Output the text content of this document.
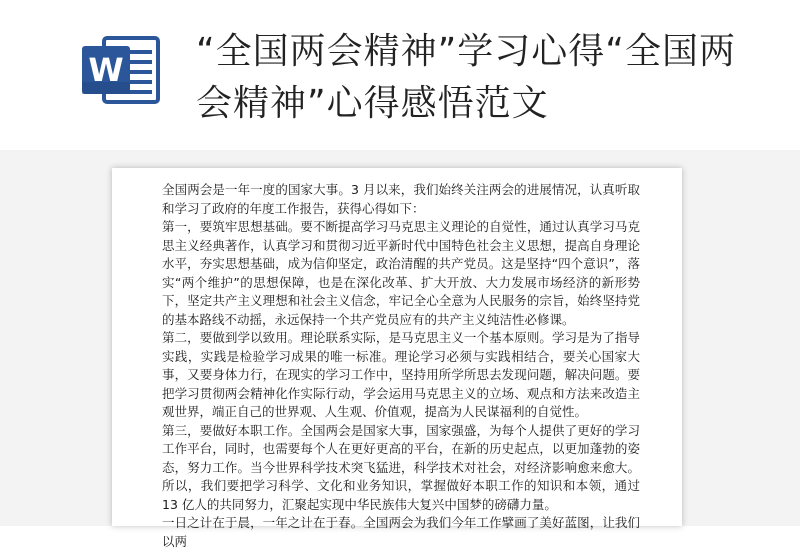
W “全国两会精神”学习心得“全国两会精神”心得感悟范文

全国两会是一年一度的国家大事。3 月以来，我们始终关注两会的进展情况，认真听取和学习了政府的年度工作报告，获得心得如下：

第一，要筑牢思想基础。要不断提高学习马克思主义理论的自觉性，通过认真学习马克思主义经典著作，认真学习和贯彻习近平新时代中国特色社会主义思想，提高自身理论水平，夯实思想基础，成为信仰坚定，政治清醒的共产党员。这是坚持“四个意识”，落实“两个维护”的思想保障，也是在深化改革、扩大开放、大力发展市场经济的新形势下，坚定共产主义理想和社会主义信念，牢记全心全意为人民服务的宗旨，始终坚持党的基本路线不动摇，永远保持一个共产党员应有的共产主义纯洁性必修课。

第二，要做到学以致用。理论联系实际，是马克思主义一个基本原则。学习是为了指导实践，实践是检验学习成果的唯一标准。理论学习必须与实践相结合，要关心国家大事，又要身体力行，在现实的学习工作中，坚持用所学所思去发现问题，解决问题。要把学习贯彻两会精神化作实际行动，学会运用马克思主义的立场、观点和方法来改造主观世界，端正自己的世界观、人生观、价值观，提高为人民谋福利的自觉性。

第三，要做好本职工作。全国两会是国家大事，国家强盛，为每个人提供了更好的学习工作平台，同时，也需要每个人在更好更高的平台，在新的历史起点，以更加蓬勃的姿态，努力工作。当今世界科学技术突飞猛进，科学技术对社会，对经济影响愈来愈大。所以，我们要把学习科学、文化和业务知识，掌握做好本职工作的知识和本领，通过 13 亿人的共同努力，汇聚起实现中华民族伟大复兴中国梦的磅礴力量。

一日之计在于晨，一年之计在于春。全国两会为我们今年工作擘画了美好蓝图，让我们以两
